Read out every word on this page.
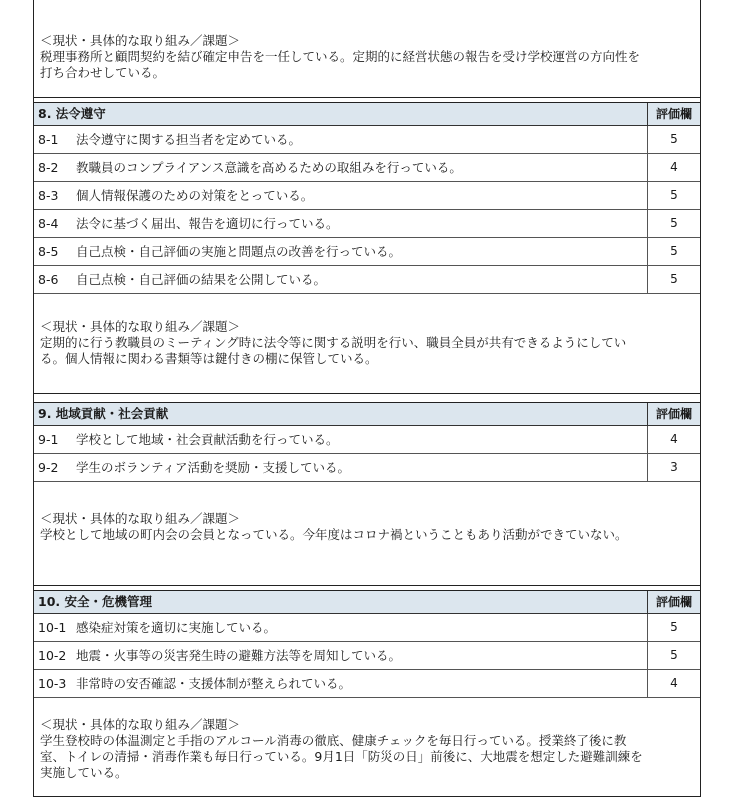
＜現状・具体的な取り組み／課題＞
税理事務所と顧問契約を結び確定申告を一任している。定期的に経営状態の報告を受け学校運営の方向性を
打ち合わせしている。
8. 法令遵守	評価欄
8-1 法令遵守に関する担当者を定めている。	5
8-2 教職員のコンプライアンス意識を高めるための取組みを行っている。	4
8-3 個人情報保護のための対策をとっている。	5
8-4 法令に基づく届出、報告を適切に行っている。	5
8-5 自己点検・自己評価の実施と問題点の改善を行っている。	5
8-6 自己点検・自己評価の結果を公開している。	5
＜現状・具体的な取り組み／課題＞
定期的に行う教職員のミーティング時に法令等に関する説明を行い、職員全員が共有できるようにしてい
る。個人情報に関わる書類等は鍵付きの棚に保管している。
9. 地域貢献・社会貢献	評価欄
9-1 学校として地域・社会貢献活動を行っている。	4
9-2 学生のボランティア活動を奨励・支援している。	3
＜現状・具体的な取り組み／課題＞
学校として地域の町内会の会員となっている。今年度はコロナ禍ということもあり活動ができていない。
10. 安全・危機管理	評価欄
10-1 感染症対策を適切に実施している。	5
10-2 地震・火事等の災害発生時の避難方法等を周知している。	5
10-3 非常時の安否確認・支援体制が整えられている。	4
＜現状・具体的な取り組み／課題＞
学生登校時の体温測定と手指のアルコール消毒の徹底、健康チェックを毎日行っている。授業終了後に教
室、トイレの清掃・消毒作業も毎日行っている。9月1日「防災の日」前後に、大地震を想定した避難訓練を
実施している。
